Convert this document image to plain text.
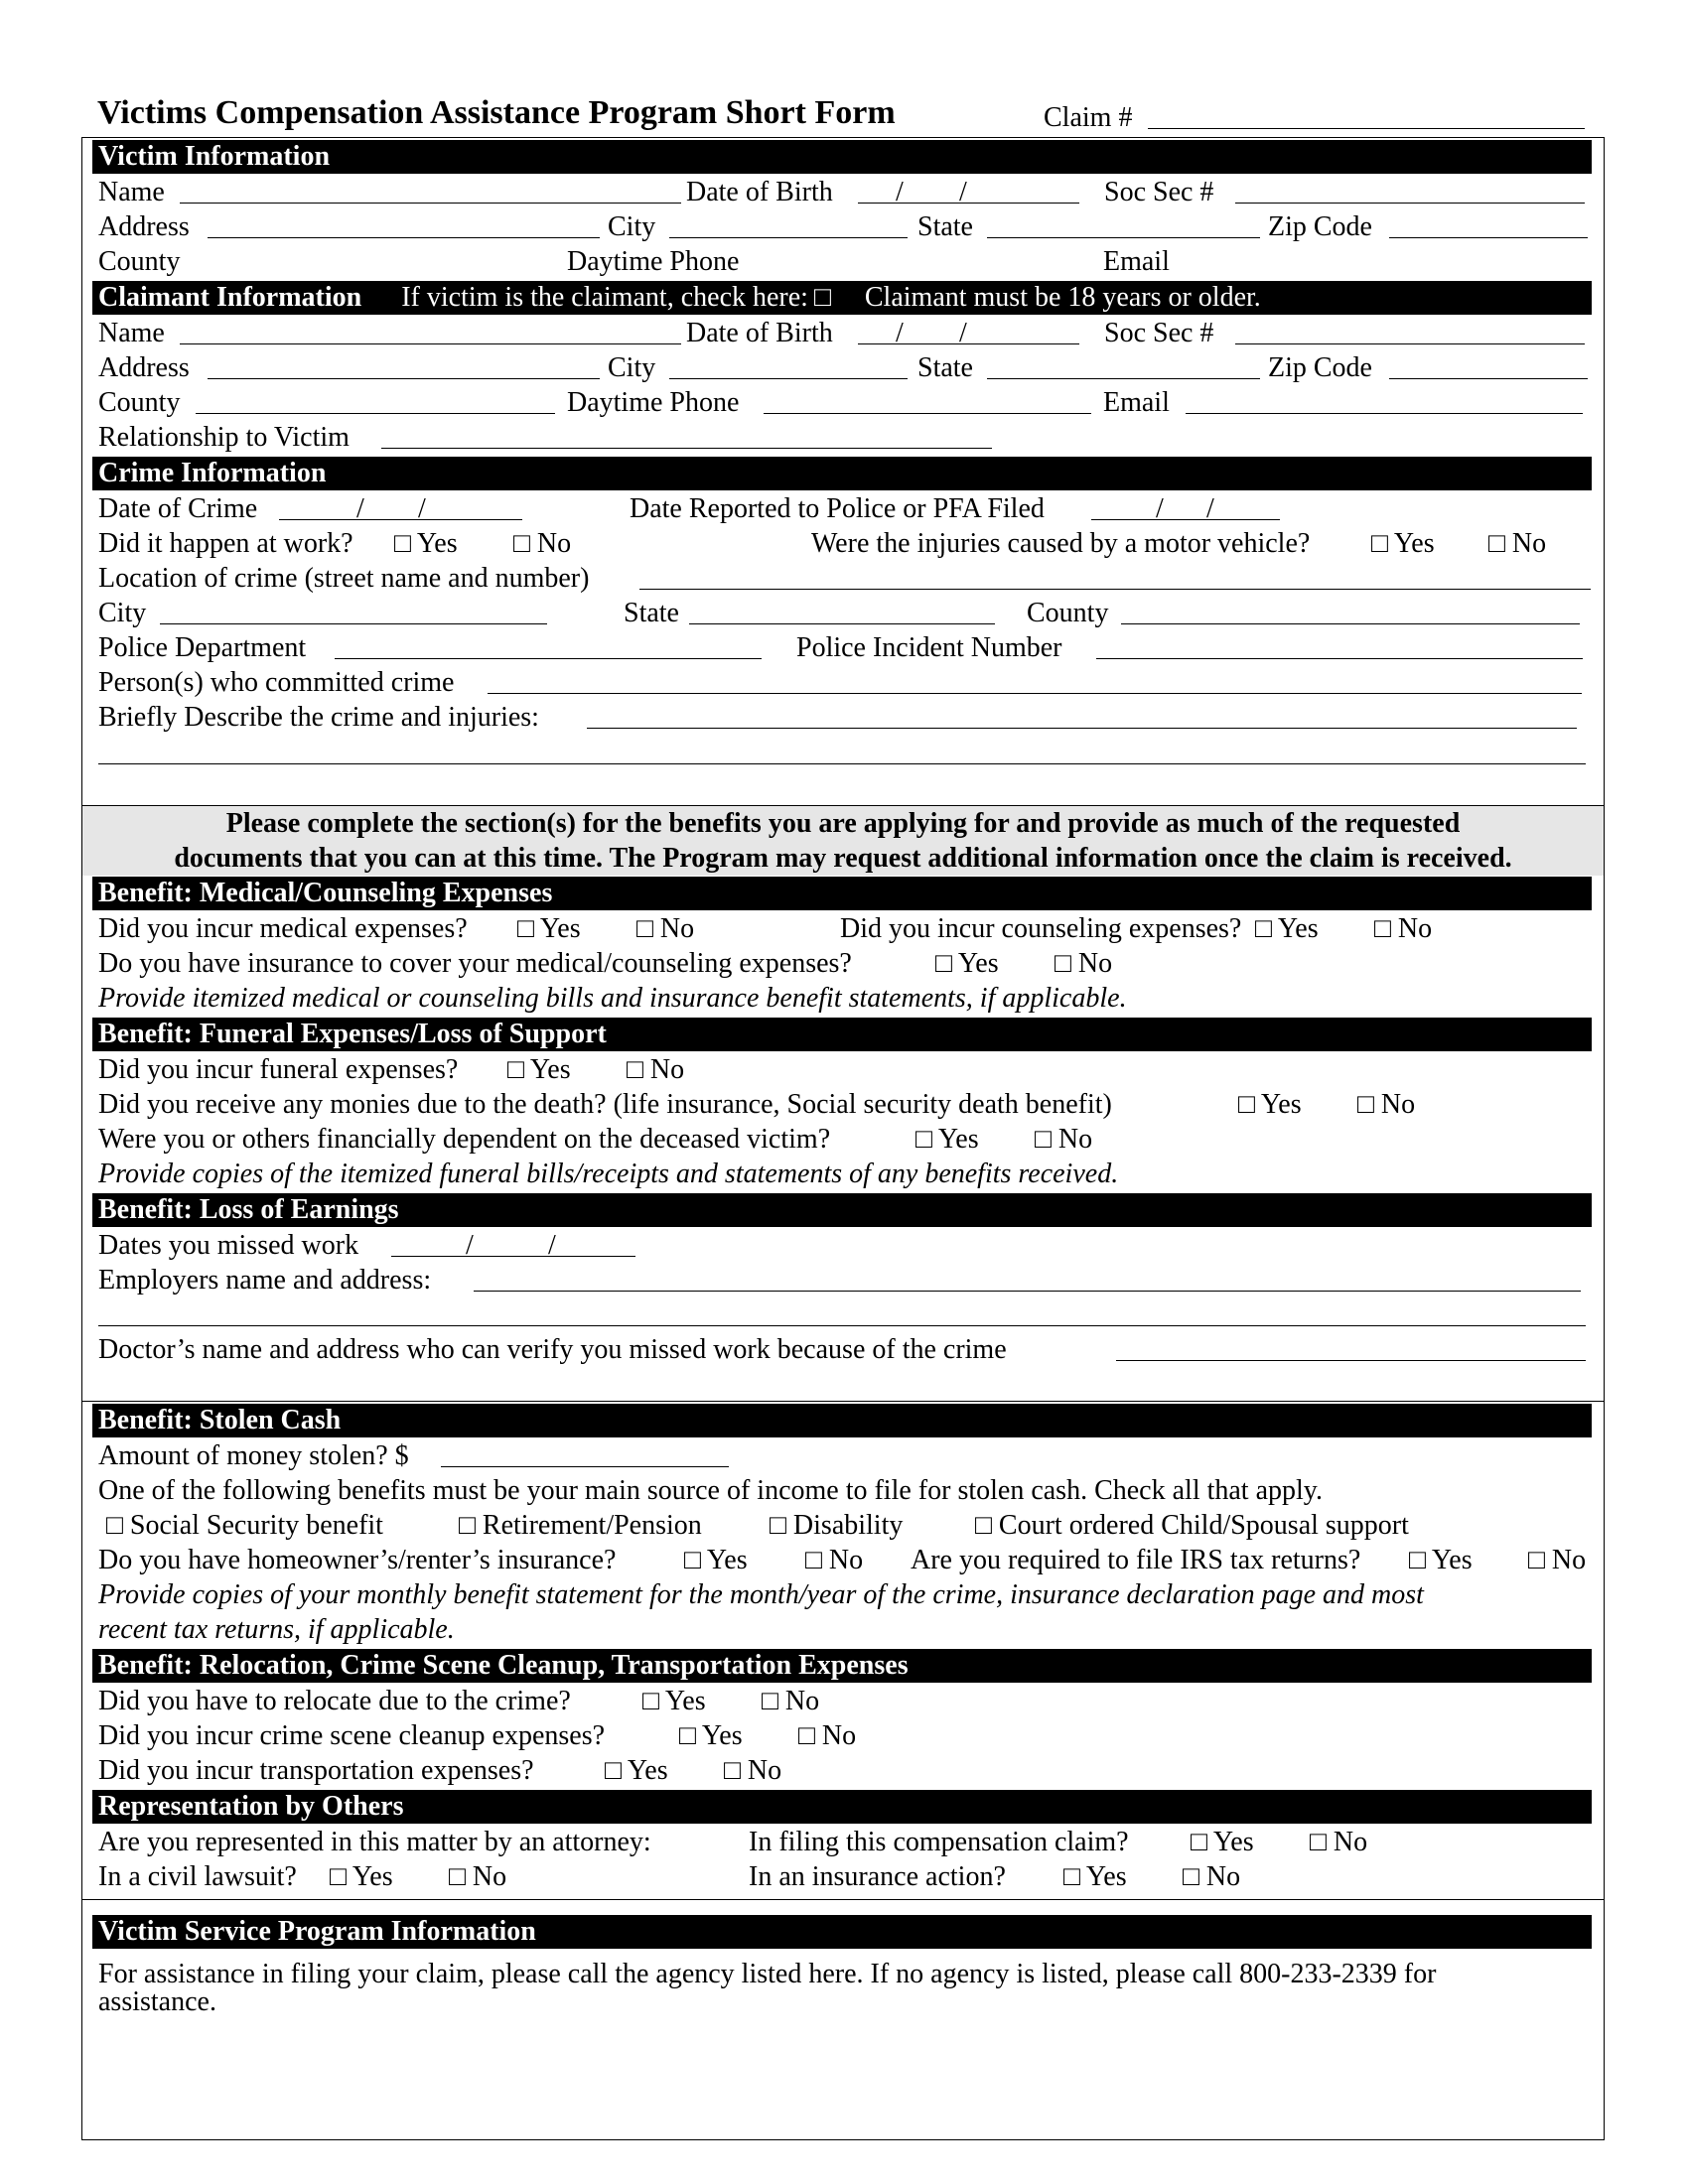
Victims Compensation Assistance Program Short Form	Claim #
Victim Information
Name	Date of Birth / /	Soc Sec #
Address	City	State	Zip Code
County	Daytime Phone	Email
Claimant Information If victim is the claimant, check here: □ Claimant must be 18 years or older.
Name	Date of Birth / /	Soc Sec #
Address	City	State	Zip Code
County	Daytime Phone	Email
Relationship to Victim
Crime Information
Date of Crime	/ /	Date Reported to Police or PFA Filed	/ /
Did it happen at work? □ Yes □ No	Were the injuries caused by a motor vehicle? □ Yes □ No
Location of crime (street name and number)
City	State	County
Police Department	Police Incident Number
Person(s) who committed crime
Briefly Describe the crime and injuries:
Please complete the section(s) for the benefits you are applying for and provide as much of the requested
documents that you can at this time. The Program may request additional information once the claim is received.
Benefit: Medical/Counseling Expenses
Did you incur medical expenses? □ Yes □ No	Did you incur counseling expenses? □ Yes □ No
Do you have insurance to cover your medical/counseling expenses?	□ Yes □ No
Provide itemized medical or counseling bills and insurance benefit statements, if applicable.
Benefit: Funeral Expenses/Loss of Support
Did you incur funeral expenses? □ Yes □ No
Did you receive any monies due to the death? (life insurance, Social security death benefit)	□ Yes □ No
Were you or others financially dependent on the deceased victim?	□ Yes □ No
Provide copies of the itemized funeral bills/receipts and statements of any benefits received.
Benefit: Loss of Earnings
Dates you missed work	/	/
Employers name and address:
Doctor’s name and address who can verify you missed work because of the crime
Benefit: Stolen Cash
Amount of money stolen? $
One of the following benefits must be your main source of income to file for stolen cash. Check all that apply.
□ Social Security benefit	□ Retirement/Pension □ Disability	□ Court ordered Child/Spousal support
Do you have homeowner’s/renter’s insurance? □ Yes □ No Are you required to file IRS tax returns? □ Yes □ No
Provide copies of your monthly benefit statement for the month/year of the crime, insurance declaration page and most
recent tax returns, if applicable.
Benefit: Relocation, Crime Scene Cleanup, Transportation Expenses
Did you have to relocate due to the crime?	□ Yes □ No
Did you incur crime scene cleanup expenses?	□ Yes □ No
Did you incur transportation expenses?	□ Yes □ No
Representation by Others
Are you represented in this matter by an attorney:	In filing this compensation claim? □ Yes □ No
In a civil lawsuit? □ Yes □ No	In an insurance action? □ Yes □ No
Victim Service Program Information
For assistance in filing your claim, please call the agency listed here. If no agency is listed, please call 800-233-2339 for
assistance.
